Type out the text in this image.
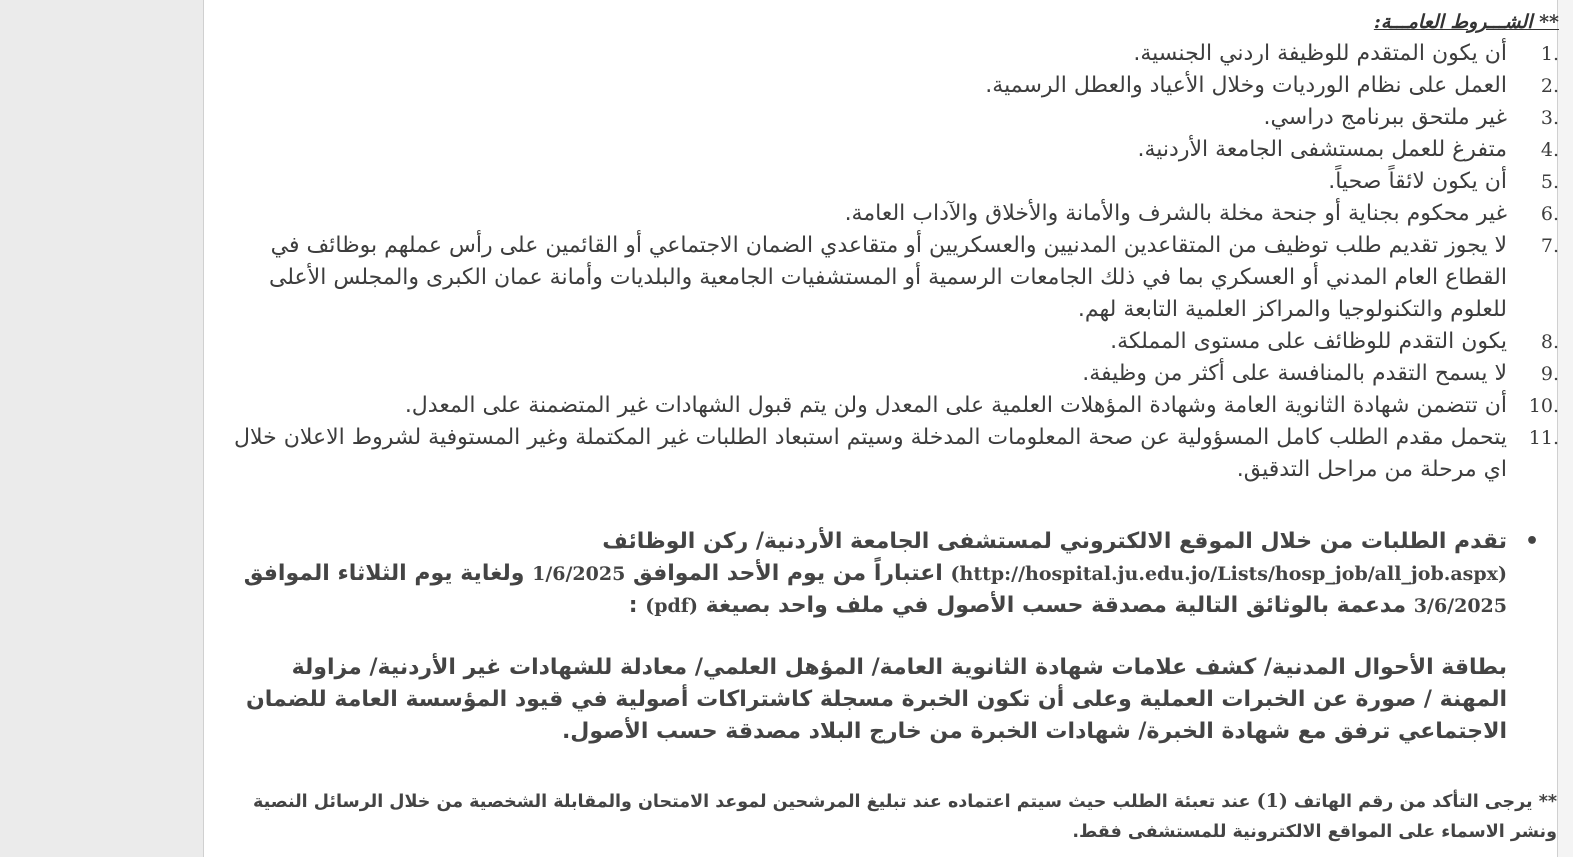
** الشـــروط العامـــة:

.1
أن يكون المتقدم للوظيفة اردني الجنسية.
.2
العمل على نظام الورديات وخلال الأعياد والعطل الرسمية.
.3
غير ملتحق ببرنامج دراسي.
.4
متفرغ للعمل بمستشفى الجامعة الأردنية.
.5
أن يكون لائقاً صحياً.
.6
غير محكوم بجناية أو جنحة مخلة بالشرف والأمانة والأخلاق والآداب العامة.
.7
لا يجوز تقديم طلب توظيف من المتقاعدين المدنيين والعسكريين أو متقاعدي الضمان الاجتماعي أو القائمين على رأس عملهم بوظائف في القطاع العام المدني أو العسكري بما في ذلك الجامعات الرسمية أو المستشفيات الجامعية والبلديات وأمانة عمان الكبرى والمجلس الأعلى للعلوم والتكنولوجيا والمراكز العلمية التابعة لهم.
.8
يكون التقدم للوظائف على مستوى المملكة.
.9
لا يسمح التقدم بالمنافسة على أكثر من وظيفة.
.10
أن تتضمن شهادة الثانوية العامة وشهادة المؤهلات العلمية على المعدل ولن يتم قبول الشهادات غير المتضمنة على المعدل.
.11
يتحمل مقدم الطلب كامل المسؤولية عن صحة المعلومات المدخلة وسيتم استبعاد الطلبات غير المكتملة وغير المستوفية لشروط الاعلان خلال اي مرحلة من مراحل التدقيق.
•
تقدم الطلبات من خلال الموقع الالكتروني لمستشفى الجامعة الأردنية/ ركن الوظائف (http://hospital.ju.edu.jo/Lists/hosp_job/all_job.aspx) اعتباراً من يوم الأحد الموافق 1/6/2025 ولغاية يوم الثلاثاء الموافق 3/6/2025 مدعمة بالوثائق التالية مصدقة حسب الأصول في ملف واحد بصيغة (pdf) :
بطاقة الأحوال المدنية/ كشف علامات شهادة الثانوية العامة/ المؤهل العلمي/ معادلة للشهادات غير الأردنية/ مزاولة المهنة / صورة عن الخبرات العملية وعلى أن تكون الخبرة مسجلة كاشتراكات أصولية في قيود المؤسسة العامة للضمان الاجتماعي ترفق مع شهادة الخبرة/ شهادات الخبرة من خارج البلاد مصدقة حسب الأصول.
** يرجى التأكد من رقم الهاتف (1) عند تعبئة الطلب حيث سيتم اعتماده عند تبليغ المرشحين لموعد الامتحان والمقابلة الشخصية من خلال الرسائل النصية ونشر الاسماء على المواقع الالكترونية للمستشفى فقط.
